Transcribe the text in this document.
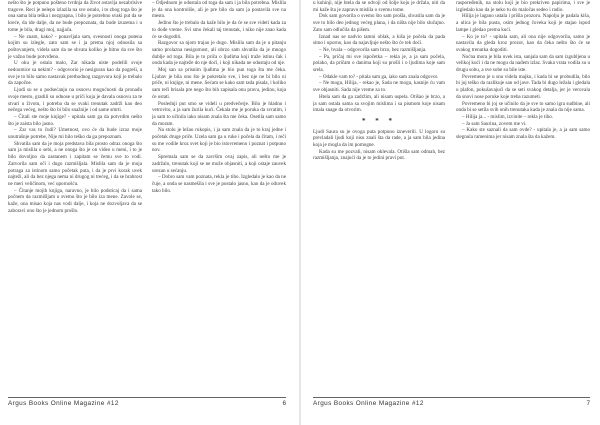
nešto što je potpuno pošteno tvrdnja da život ostavlja nezabrisive tragove. Reci je nelepo izlazila na sve ostalo, i to zbog toga što je ona sama bila teška i nezgrapna, i bilo je potrebno svaki put da se kreće, da ide dalje, da ne bude prepoznata, da bude izuzetna i u tome je bila, dragi moj, najjača.

– Ne znam, kako? - ponavljala sam, svesnosti onoga putena kojim su izlegle, zato sam se i ja prema njoj odnosila sa poštovanjem, videla sam da ne shvata koliko je bitno da sve što je važno bude potvrđeno.

U oku je ostala malo, Zar nikada niste podelili svoje nedoumice sa nekim? - odgovorio je nesiguran kao da pogreši, a sve je to bilo samo nastavak prethodnog razgovora koji je trebalo da započne.

Ljudi su se u podsećanju na osnovu mogućnosti da pronađu svoje mesto, gradili su odnose u priči koja je davala osnovu za te stvari u životu, i potreba da se svaki trenutak zadrži kao deo nečega većeg, nešto što bi bilo snažnije i od same smrti.

– Čitali ste moje knjige? - upitala sam ga da potvrdim nešto što je zaista bilo jasno.

– Zar vas to čudi? Umetnost, ovo će da bude izraz moje unutrašnje potrebe, Nije mi bilo teško da ga prepoznam.

Shvatila sam da je moja predstava bila prosto odraz onoga što sam ja mislila o sebi, a ne onoga što je on video u meni, i to je bilo dovoljno da zastanem i zapitam se čemu sve to vodi. Zatvorila sam oči i dugo razmišljala. Mislila sam da je moja potraga za istinom samo početak puta, i da je prvi korak uvek najteži, ali da bez njega nema ni drugog ni trećeg, i da se hrabrost ne meri veličinom, već upornošću.

– Čitanje mojih knjiga, naravno, je bilo podsticaj da i sama počnem da razmišljam o svemu što je bilo iza mene. Zavole se, kaže, ona misao koja nas vodi dalje, i koja ne dozvoljava da se zaboravi ono što je jednom prošlo.

– Odjednom je odustala od toga da sam i ja bila potrebna. Mislila je da ona kontroliše, ali je pre bilo da sam ja postavila sve na mesto.

Jedino što je trebalo da kaže bilo je da će se sve videti kada za to dođe vreme. Svi smo čekali taj trenutak, i niko nije znao kada će se dogoditi.

Razgovor sa njom trajao je dugo. Mislila sam da je u pitanju samo prolazna nesigurnost, ali ubrzo sam shvatila da je mnogo dublje od toga. Bila je to priča o ljudima koji traže istinu čak i onda kada je najteže do nje doći, i koji nikada ne odustaju od nje.

Moj san sa prisnim ljudima je bio pun toga šta me čeka. Ljubav je bila ono što je pokretalo sve, i bez nje ne bi bilo ni priče, ni knjige, ni mene. Sećam se kako sam tada pisala, i koliko sam reči brisala pre nego što bih zapisala onu pravu, jedinu, koja će ostati.

Poslednji put smo se videli u predvečerje. Bilo je hladno i vetrovito, a ja sam žurila kući. Čekala me je poruka da svratim, i ja sam to učinila iako nisam znala šta me čeka. Osetila sam samo da moram.

Na stolu je ležao rukopis, i ja sam znala da je to kraj jedne i početak druge priče. Uzela sam ga u ruke i počela da čitam, i reči su me vodile kroz svet koji je bio istovremeno i poznat i potpuno nov.

Spremala sam se da završim ovaj zapis, ali nešto me je zadržalo, trenutak koji se ne može objasniti, a koji ostaje zauvek urezan u sećanju.

– Dobro sam vam poznata, rekla je tiho. Izgledalo je kao da ne čuje, a onda se nasmešila i sve je postalo jasno, kao da je oduvek tako bilo.

Argus Books Online Magazine #12	6

u kuhinji, nije htela da se odvoji od šolje koju je držala, niti da mi kaže šta je zapravo mislila o svemu tome.

Dok sam govorila o svemu što sam prošla, shvatila sam da je sve to bilo deo jednog većeg plana, i da ništa nije bilo slučajno. Zato sam odlučila da pišem.

Iznad nas se nadvio tamni oblak, a kiša je počela da pada sitno i uporno, kao da najavljuje nešto što će tek doći.

– Ne, hvala – odgovorila sam brzo, bez razmišljanja.

– Pa, pričaj mi sve ispočetka – rekla je, a ja sam počela, polako, da pričam o danima koji su prošli i o ljudima koje sam srela.

– Odakle vam to? - pitala sam ga, iako sam znala odgovor.

– Ne mogu, Hilija, - rekao je, Sada ne mogu, kasnije ću vam sve objasniti. Sada nije vreme za to.

Htela sam da ga zadržim, ali nisam uspela. Otišao je brzo, a ja sam ostala sama sa svojim mislima i sa pismom koje nisam imala snage da otvorim.

* * *

Ljudi Saura su je ovoga puta potpuno izneverili. U logoru su prevladali ljudi koji nisu znali šta da rade, a ja sam bila jedina koja je mogla da im pomogne.

Kada su me pozvali, nisam oklevala. Otišla sam odmah, bez razmišljanja, znajući da je to jedini pravi put.

raspoređenih, na stolu koji je bio prekriven papirima, i sve je izgledalo kao da je neko tu do maločas sedeo i radio.

Hilija je lagano ustala i prišla prozoru. Napolju je padala kiša, a ulica je bila pusta, osim jednog čoveka koji je stajao ispod lampe i gledao prema kući.

– Ko je to? - upitala sam, ali ona nije odgovorila, samo je nastavila da gleda kroz prozor, kao da čeka nešto što će se svakog trenutka dogoditi.

Noćna mora je bila uvek ista, sanjala sam da sam izgubljena u velikoj kući i da ne mogu da nađem izlaz. Svaka vrata vodila su u drugu sobu, a sve sobe su bile iste.

Povremeno je u snu videla majku, i kada bi se probudila, bilo bi joj teško da razlikuje san od jave. Tada bi dugo ležala i gledala u plafon, pokušavajući da se seti svakog detalja, jer je verovala da snovi nose poruke koje treba razumeti.

Povremeno bi joj se učinilo da je sve to samo igra sudbine, ali onda bi se setila svih onih trenutaka kada je znala da nije sama.

– Hilija ja... - mislim, izvinite – rekla je tiho.

– Ja sam Saurina, zovem me vi.

– Kako ste saznali da sam ovde? - upitala je, a ja sam samo slegnula ramenima jer nisam znala šta da kažem.

Argus Books Online Magazine #12	7
